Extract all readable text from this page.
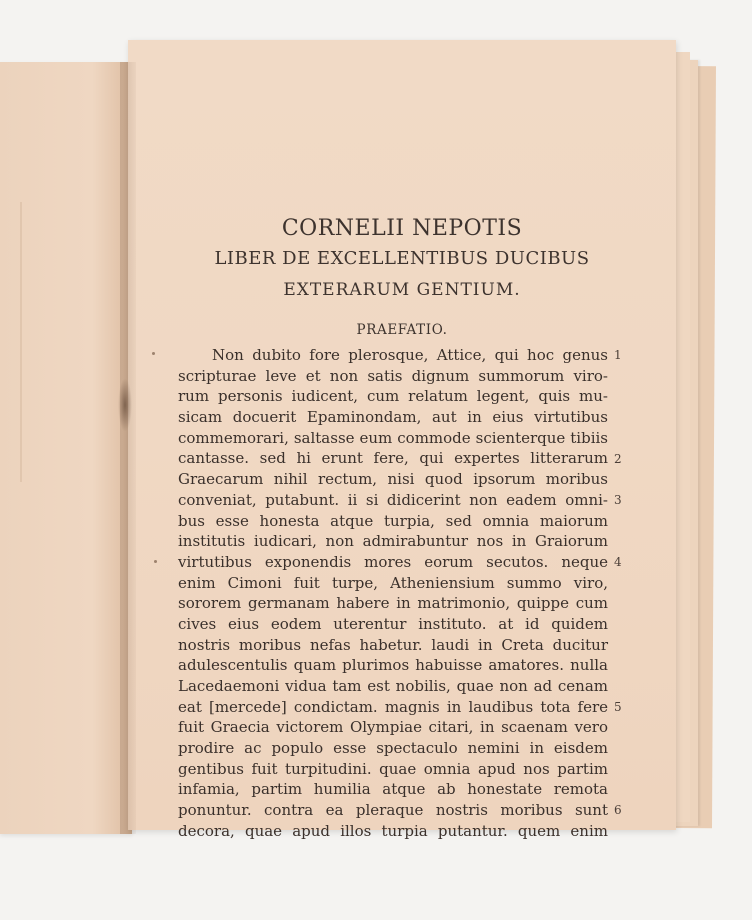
CORNELII NEPOTIS
LIBER DE EXCELLENTIBUS DUCIBUS
EXTERARUM GENTIUM.
PRAEFATIO.
Non dubito fore plerosque, Attice, qui hoc genus
scripturae leve et non satis dignum summorum viro-
rum personis iudicent, cum relatum legent, quis mu-
sicam docuerit Epaminondam, aut in eius virtutibus
commemorari, saltasse eum commode scienterque tibiis
cantasse. sed hi erunt fere, qui expertes litterarum
Graecarum nihil rectum, nisi quod ipsorum moribus
conveniat, putabunt. ii si didicerint non eadem omni-
bus esse honesta atque turpia, sed omnia maiorum
institutis iudicari, non admirabuntur nos in Graiorum
virtutibus exponendis mores eorum secutos. neque
enim Cimoni fuit turpe, Atheniensium summo viro,
sororem germanam habere in matrimonio, quippe cum
cives eius eodem uterentur instituto. at id quidem
nostris moribus nefas habetur. laudi in Creta ducitur
adulescentulis quam plurimos habuisse amatores. nulla
Lacedaemoni vidua tam est nobilis, quae non ad cenam
eat [mercede] condictam. magnis in laudibus tota fere
fuit Graecia victorem Olympiae citari, in scaenam vero
prodire ac populo esse spectaculo nemini in eisdem
gentibus fuit turpitudini. quae omnia apud nos partim
infamia, partim humilia atque ab honestate remota
ponuntur. contra ea pleraque nostris moribus sunt
decora, quae apud illos turpia putantur. quem enim
1
2
3
4
5
6
